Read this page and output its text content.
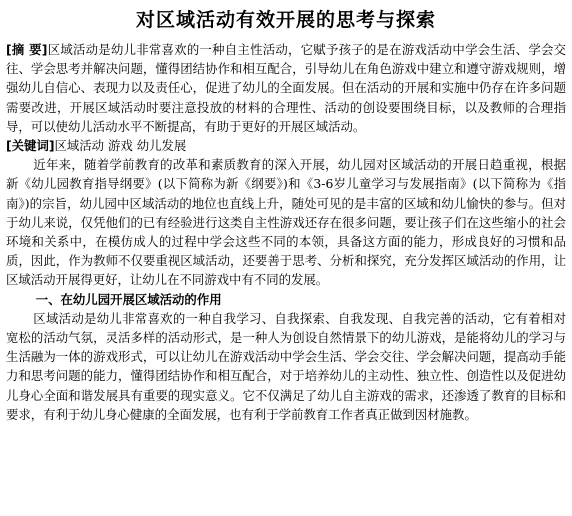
对区域活动有效开展的思考与探索

[摘 要]区域活动是幼儿非常喜欢的一种自主性活动，它赋予孩子的是在游戏活动中学会生活、学会交往、学会思考并解决问题，懂得团结协作和相互配合，引导幼儿在角色游戏中建立和遵守游戏规则，增强幼儿自信心、表现力以及责任心，促进了幼儿的全面发展。但在活动的开展和实施中仍存在许多问题需要改进，开展区域活动时要注意投放的材料的合理性、活动的创设要围绕目标，以及教师的合理指导，可以使幼儿活动水平不断提高，有助于更好的开展区域活动。

[关键词]区域活动 游戏 幼儿发展

近年来，随着学前教育的改革和素质教育的深入开展，幼儿园对区域活动的开展日趋重视，根据新《幼儿园教育指导纲要》(以下简称为新《纲要》)和《3-6岁儿童学习与发展指南》(以下简称为《指南》)的宗旨，幼儿园中区域活动的地位也直线上升，随处可见的是丰富的区域和幼儿愉快的参与。但对于幼儿来说，仅凭他们的已有经验进行这类自主性游戏还存在很多问题，要让孩子们在这些缩小的社会环境和关系中，在模仿成人的过程中学会这些不同的本领，具备这方面的能力，形成良好的习惯和品质，因此，作为教师不仅要重视区域活动，还要善于思考、分析和探究，充分发挥区域活动的作用，让区域活动开展得更好，让幼儿在不同游戏中有不同的发展。

一、在幼儿园开展区域活动的作用

区域活动是幼儿非常喜欢的一种自我学习、自我探索、自我发现、自我完善的活动，它有着相对宽松的活动气氛，灵活多样的活动形式，是一种人为创设自然情景下的幼儿游戏，是能将幼儿的学习与生活融为一体的游戏形式，可以让幼儿在游戏活动中学会生活、学会交往、学会解决问题，提高动手能力和思考问题的能力，懂得团结协作和相互配合，对于培养幼儿的主动性、独立性、创造性以及促进幼儿身心全面和谐发展具有重要的现实意义。它不仅满足了幼儿自主游戏的需求，还渗透了教育的目标和要求，有利于幼儿身心健康的全面发展，也有利于学前教育工作者真正做到因材施教。
